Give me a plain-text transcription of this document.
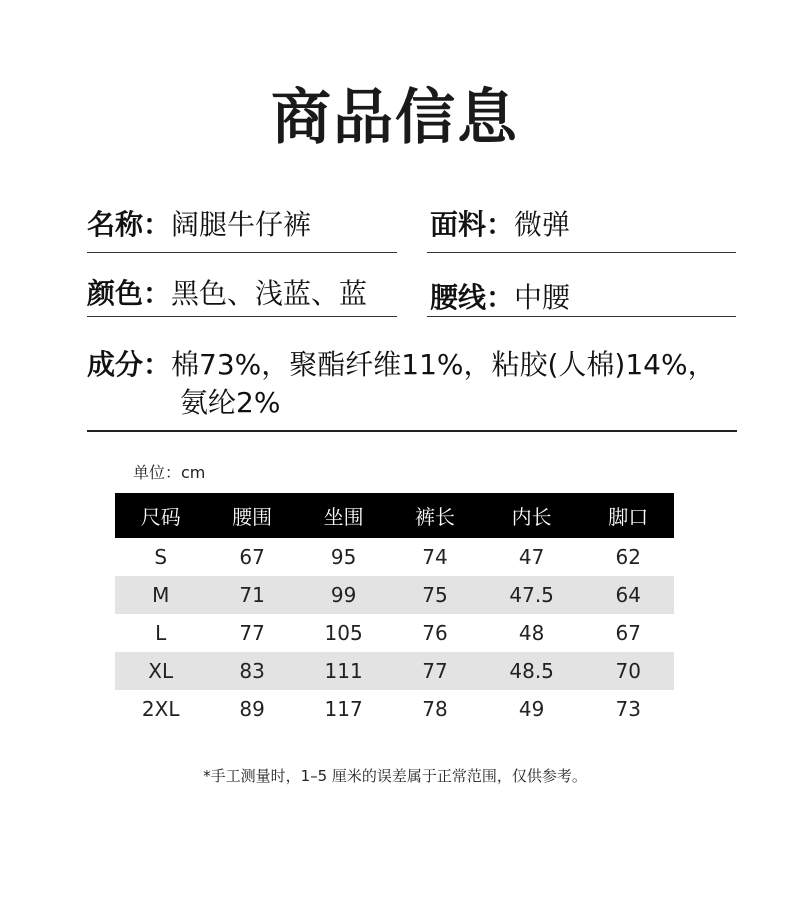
商品信息
名称：阔腿牛仔裤	面料：微弹
颜色：黑色、浅蓝、蓝 腰线：中腰
成分：棉73%，聚酯纤维11%，粘胶(人棉)14%，
氨纶2%
单位：cm
尺码	腰围	坐围	裤长	内长	脚口
S	67	95	74	47	62
M	71	99	75	47.5	64
L	77	105	76	48	67
XL	83	111	77	48.5	70
2XL	89	117	78	49	73
*手工测量时，1–5 厘米的误差属于正常范围，仅供参考。
